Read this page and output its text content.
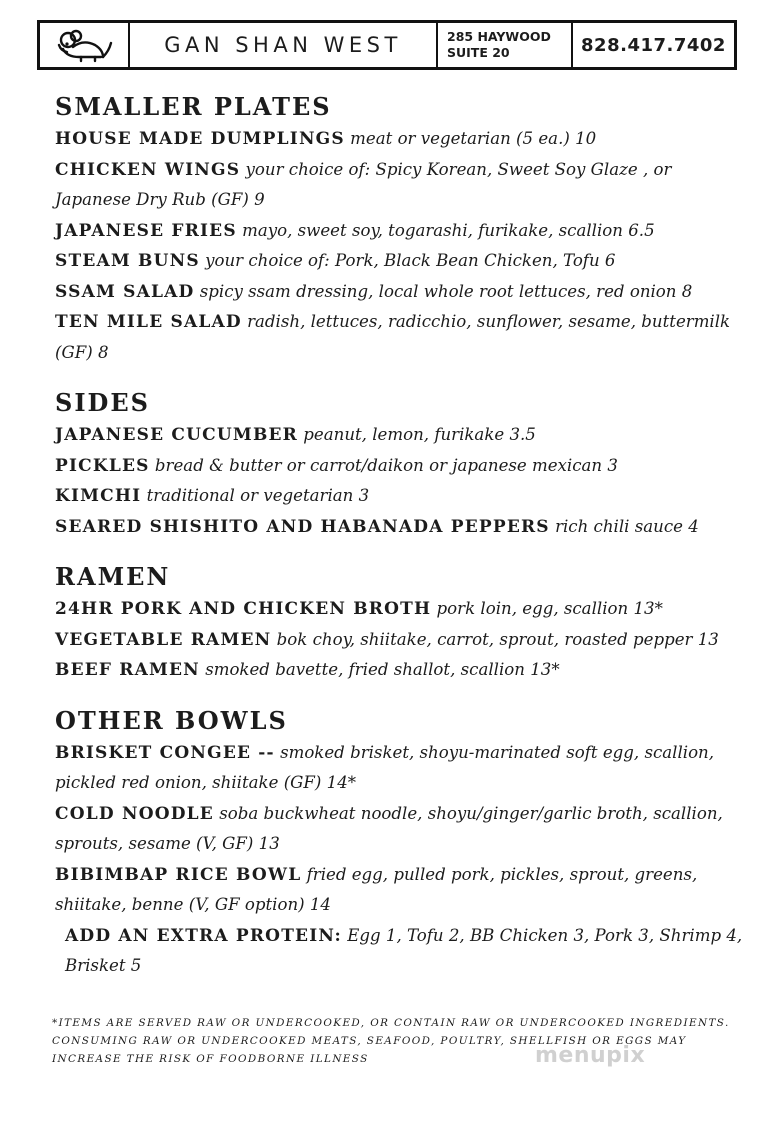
GAN SHAN WEST	285 HAYWOOD
SUITE 20	828.417.7402
SMALLER PLATES
HOUSE MADE DUMPLINGS meat or vegetarian (5 ea.) 10
CHICKEN WINGS your choice of: Spicy Korean, Sweet Soy Glaze , or Japanese Dry Rub (GF) 9
JAPANESE FRIES mayo, sweet soy, togarashi, furikake, scallion 6.5
STEAM BUNS your choice of: Pork, Black Bean Chicken, Tofu 6
SSAM SALAD spicy ssam dressing, local whole root lettuces, red onion 8
TEN MILE SALAD radish, lettuces, radicchio, sunflower, sesame, buttermilk (GF) 8
SIDES
JAPANESE CUCUMBER peanut, lemon, furikake 3.5
PICKLES bread & butter or carrot/daikon or japanese mexican 3
KIMCHI traditional or vegetarian 3
SEARED SHISHITO AND HABANADA PEPPERS rich chili sauce 4
RAMEN
24HR PORK AND CHICKEN BROTH pork loin, egg, scallion 13*
VEGETABLE RAMEN bok choy, shiitake, carrot, sprout, roasted pepper 13
BEEF RAMEN smoked bavette, fried shallot, scallion 13*
OTHER BOWLS
BRISKET CONGEE -- smoked brisket, shoyu-marinated soft egg, scallion, pickled red onion, shiitake (GF) 14*
COLD NOODLE soba buckwheat noodle, shoyu/ginger/garlic broth, scallion, sprouts, sesame (V, GF) 13
BIBIMBAP RICE BOWL fried egg, pulled pork, pickles, sprout, greens, shiitake, benne (V, GF option) 14
ADD AN EXTRA PROTEIN: Egg 1, Tofu 2, BB Chicken 3, Pork 3, Shrimp 4, Brisket 5
*ITEMS ARE SERVED RAW OR UNDERCOOKED, OR CONTAIN RAW OR UNDERCOOKED INGREDIENTS. CONSUMING RAW OR UNDERCOOKED MEATS, SEAFOOD, POULTRY, SHELLFISH OR EGGS MAY INCREASE THE RISK OF FOODBORNE ILLNESS	menupix
